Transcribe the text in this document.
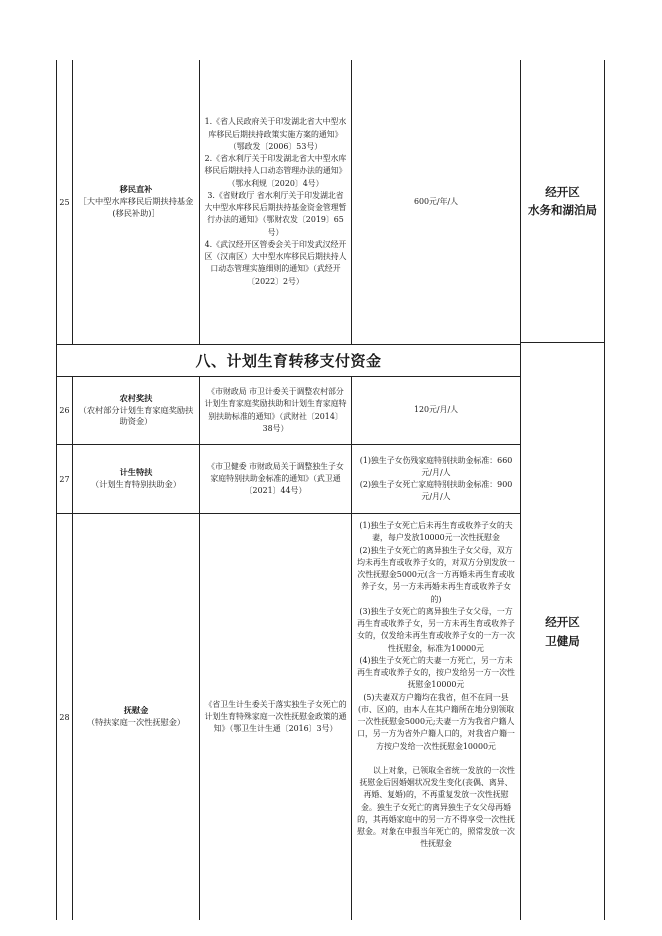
25
移民直补
［大中型水库移民后期扶持基金(移民补助)］
1.《省人民政府关于印发湖北省大中型水库移民后期扶持政策实施方案的通知》（鄂政发〔2006〕53号）
2.《省水利厅关于印发湖北省大中型水库移民后期扶持人口动态管理办法的通知》（鄂水利规〔2020〕4号）
3.《省财政厅 省水利厅关于印发湖北省大中型水库移民后期扶持基金资金管理暂行办法的通知》（鄂财农发〔2019〕65号）
4.《武汉经开区管委会关于印发武汉经开区（汉南区）大中型水库移民后期扶持人口动态管理实施细则的通知》（武经开〔2022〕2号）
600元/年/人
经开区
水务和湖泊局
八、计划生育转移支付资金
26
农村奖扶
（农村部分计划生育家庭奖励扶助资金）
《市财政局 市卫计委关于调整农村部分计划生育家庭奖励扶助和计划生育家庭特别扶助标准的通知》（武财社〔2014〕38号）
120元/月/人
27
计生特扶
（计划生育特别扶助金）
《市卫健委 市财政局关于调整独生子女家庭特别扶助金标准的通知》（武卫通〔2021〕44号）
(1)独生子女伤残家庭特别扶助金标准：660元/月/人
(2)独生子女死亡家庭特别扶助金标准：900元/月/人
28
抚慰金
（特扶家庭一次性抚慰金）
《省卫生计生委关于落实独生子女死亡的计划生育特殊家庭一次性抚慰金政策的通知》（鄂卫生计生通〔2016〕3号）
(1)独生子女死亡后未再生育或收养子女的夫妻，每户发放10000元一次性抚慰金
(2)独生子女死亡的离异独生子女父母，双方均未再生育或收养子女的，对双方分别发放一次性抚慰金5000元(含一方再婚未再生育或收养子女，另一方未再婚未再生育或收养子女的)
(3)独生子女死亡的离异独生子女父母，一方再生育或收养子女，另一方未再生育或收养子女的，仅发给未再生育或收养子女的一方一次性抚慰金，标准为10000元
(4)独生子女死亡的夫妻一方死亡，另一方未再生育或收养子女的，按户发给另一方一次性抚慰金10000元
(5)夫妻双方户籍均在我省，但不在同一县(市、区)的，由本人在其户籍所在地分别领取一次性抚慰金5000元;夫妻一方为我省户籍人口，另一方为省外户籍人口的，对我省户籍一方按户发给一次性抚慰金10000元
以上对象，已领取全省统一发放的一次性抚慰金后因婚姻状况发生变化(丧偶、离异、再婚、复婚)的，不再重复发放一次性抚慰金。独生子女死亡的离异独生子女父母再婚的，其再婚家庭中的另一方不得享受一次性抚慰金。对象在申报当年死亡的，照常发放一次性抚慰金
经开区
卫健局
